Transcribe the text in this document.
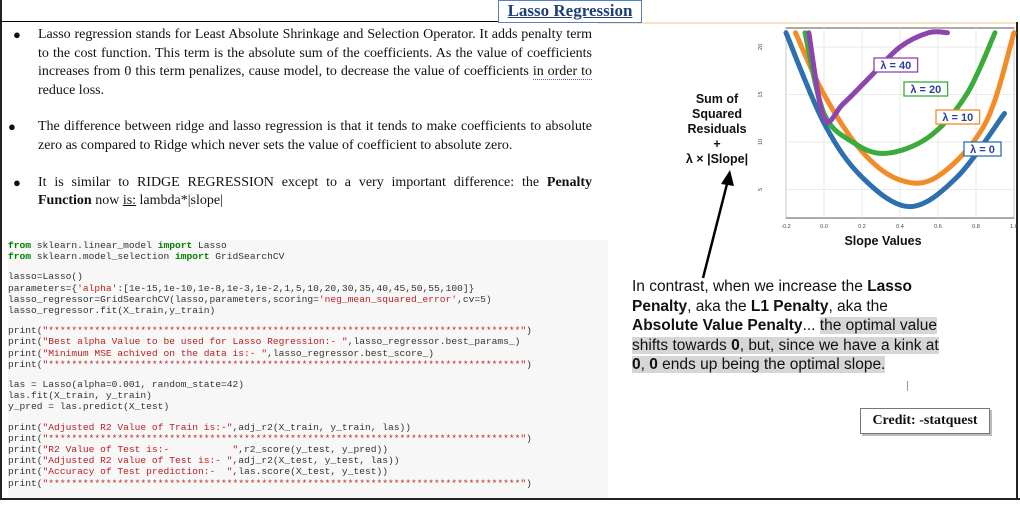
Lasso Regression
● Lasso regression stands for Least Absolute Shrinkage and Selection Operator. It adds penalty term to the cost function. This term is the absolute sum of the coefficients. As the value of coefficients increases from 0 this term penalizes, cause model, to decrease the value of coefficients in order to reduce loss.
● The difference between ridge and lasso regression is that it tends to make coefficients to absolute zero as compared to Ridge which never sets the value of coefficient to absolute zero.
● It is similar to RIDGE REGRESSION except to a very important difference: the Penalty Function now is: lambda*|slope|
from sklearn.linear_model import Lasso
from sklearn.model_selection import GridSearchCV
lasso=Lasso()
parameters={'alpha':[1e-15,1e-10,1e-8,1e-3,1e-2,1,5,10,20,30,35,40,45,50,55,100]}
lasso_regressor=GridSearchCV(lasso,parameters,scoring='neg_mean_squared_error',cv=5)
lasso_regressor.fit(X_train,y_train)
print("**********************************************************************************")
print("Best alpha Value to be used for Lasso Regression:- ",lasso_regressor.best_params_)
print("Minimum MSE achived on the data is:- ",lasso_regressor.best_score_)
print("**********************************************************************************")
las = Lasso(alpha=0.001, random_state=42)
las.fit(X_train, y_train)
y_pred = las.predict(X_test)
print("Adjusted R2 Value of Train is:-",adj_r2(X_train, y_train, las))
print("**********************************************************************************")
print("R2 Value of Test is:-           ",r2_score(y_test, y_pred))
print("Adjusted R2 value of Test is:- ",adj_r2(X_test, y_test, las))
print("Accuracy of Test prediction:-  ",las.score(X_test, y_test))
print("**********************************************************************************")
Sum of
Squared
Residuals
+
λ × |Slope|
-0.2	0.0	0.2	0.4	0.6	0.8	1.0
5
10
15
20
λ = 40
λ = 20
λ = 10
λ = 0
Slope Values
In contrast, when we increase the Lasso Penalty, aka the L1 Penalty, aka the Absolute Value Penalty... the optimal value shifts towards 0, but, since we have a kink at 0, 0 ends up being the optimal slope.
Credit: -statquest
